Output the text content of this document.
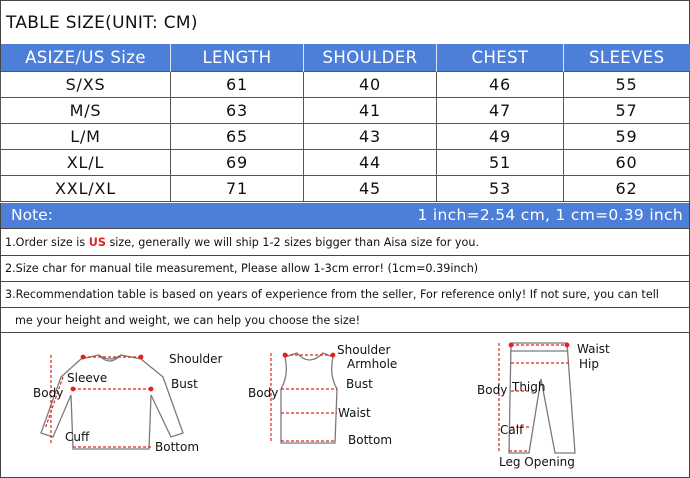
TABLE SIZE(UNIT: CM)
ASIZE/US Size	LENGTH	SHOULDER	CHEST	SLEEVES
S/XS	61	40	46	55
M/S	63	41	47	57
L/M	65	43	49	59
XL/L	69	44	51	60
XXL/XL	71	45	53	62
Note:	1 inch=2.54 cm, 1 cm=0.39 inch
1.Order size is US size, generally we will ship 1-2 sizes bigger than Aisa size for you.
2.Size char for manual tile measurement, Please allow 1-3cm error! (1cm=0.39inch)
3.Recommendation table is based on years of experience from the seller, For reference only! If not sure, you can tell
me your height and weight, we can help you choose the size!
Shoulder
Sleeve	Bust
Body
Cuff
Bottom
Shoulder
Armhole
Bust
Body
Waist
Bottom
Waist
Hip
Body Thigh
Calf
Leg Opening
